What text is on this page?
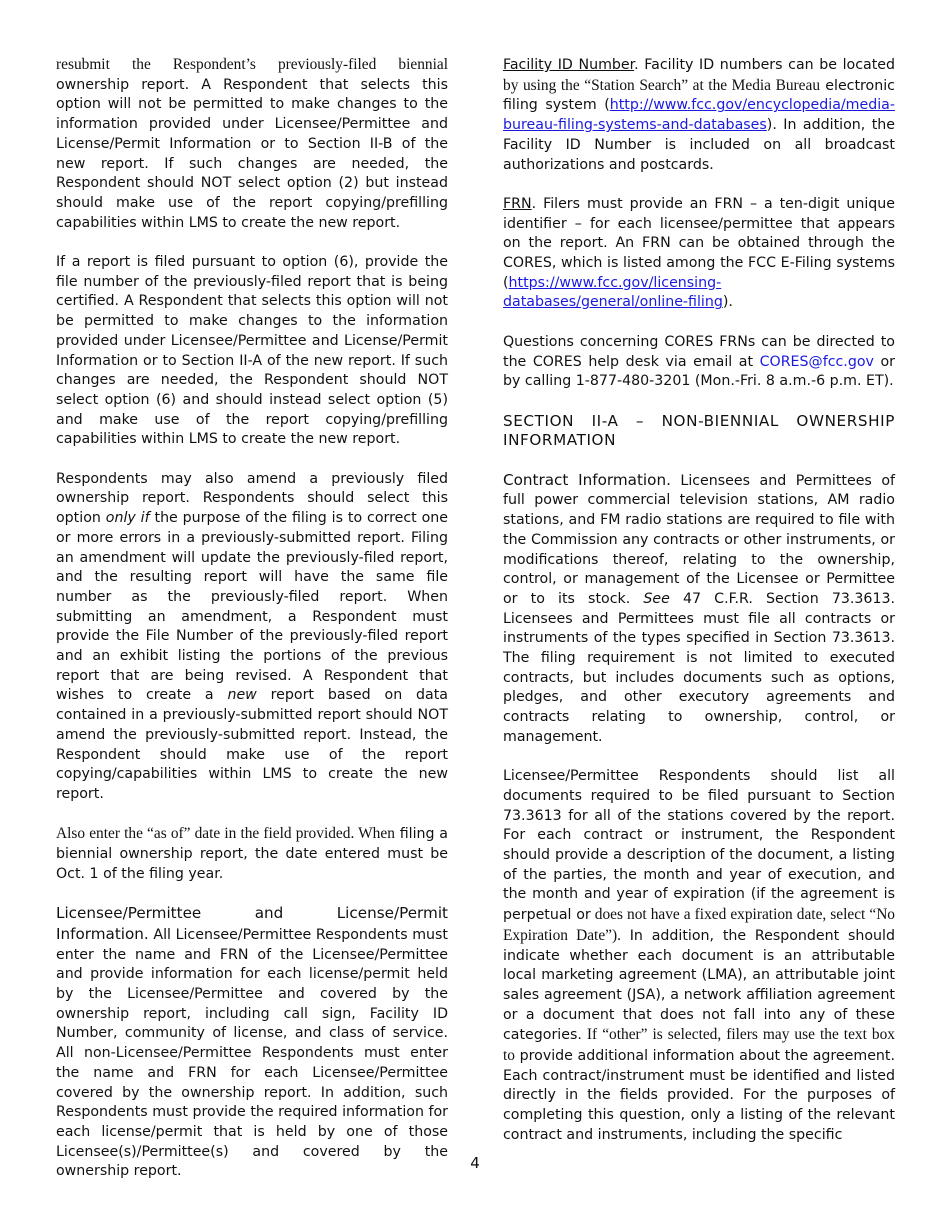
resubmit the Respondent’s previously-filed biennial ownership report. A Respondent that selects this option will not be permitted to make changes to the information provided under Licensee/Permittee and License/Permit Information or to Section II-B of the new report. If such changes are needed, the Respondent should NOT select option (2) but instead should make use of the report copying/prefilling capabilities within LMS to create the new report.

If a report is filed pursuant to option (6), provide the file number of the previously-filed report that is being certified. A Respondent that selects this option will not be permitted to make changes to the information provided under Licensee/Permittee and License/Permit Information or to Section II-A of the new report. If such changes are needed, the Respondent should NOT select option (6) and should instead select option (5) and make use of the report copying/prefilling capabilities within LMS to create the new report.

Respondents may also amend a previously filed ownership report. Respondents should select this option only if the purpose of the filing is to correct one or more errors in a previously-submitted report. Filing an amendment will update the previously-filed report, and the resulting report will have the same file number as the previously-filed report. When submitting an amendment, a Respondent must provide the File Number of the previously-filed report and an exhibit listing the portions of the previous report that are being revised. A Respondent that wishes to create a new report based on data contained in a previously-submitted report should NOT amend the previously-submitted report. Instead, the Respondent should make use of the report copying/capabilities within LMS to create the new report.

Also enter the “as of” date in the field provided. When filing a biennial ownership report, the date entered must be Oct. 1 of the filing year.

Licensee/Permittee and License/Permit Information. All Licensee/Permittee Respondents must enter the name and FRN of the Licensee/Permittee and provide information for each license/permit held by the Licensee/Permittee and covered by the ownership report, including call sign, Facility ID Number, community of license, and class of service. All non-Licensee/Permittee Respondents must enter the name and FRN for each Licensee/Permittee covered by the ownership report. In addition, such Respondents must provide the required information for each license/permit that is held by one of those Licensee(s)/Permittee(s) and covered by the ownership report.

Facility ID Number. Facility ID numbers can be located by using the “Station Search” at the Media Bureau electronic filing system (http://www.fcc.gov/encyclopedia/media-bureau-filing-systems-and-databases). In addition, the Facility ID Number is included on all broadcast authorizations and postcards.

FRN. Filers must provide an FRN – a ten-digit unique identifier – for each licensee/permittee that appears on the report. An FRN can be obtained through the CORES, which is listed among the FCC E-Filing systems (https://www.fcc.gov/licensing-databases/general/online-filing).

Questions concerning CORES FRNs can be directed to the CORES help desk via email at CORES@fcc.gov or by calling 1-877-480-3201 (Mon.-Fri. 8 a.m.-6 p.m. ET).

SECTION II-A – NON-BIENNIAL OWNERSHIP INFORMATION

Contract Information. Licensees and Permittees of full power commercial television stations, AM radio stations, and FM radio stations are required to file with the Commission any contracts or other instruments, or modifications thereof, relating to the ownership, control, or management of the Licensee or Permittee or to its stock. See 47 C.F.R. Section 73.3613. Licensees and Permittees must file all contracts or instruments of the types specified in Section 73.3613. The filing requirement is not limited to executed contracts, but includes documents such as options, pledges, and other executory agreements and contracts relating to ownership, control, or management.

Licensee/Permittee Respondents should list all documents required to be filed pursuant to Section 73.3613 for all of the stations covered by the report. For each contract or instrument, the Respondent should provide a description of the document, a listing of the parties, the month and year of execution, and the month and year of expiration (if the agreement is perpetual or does not have a fixed expiration date, select “No Expiration Date”). In addition, the Respondent should indicate whether each document is an attributable local marketing agreement (LMA), an attributable joint sales agreement (JSA), a network affiliation agreement or a document that does not fall into any of these categories. If “other” is selected, filers may use the text box to provide additional information about the agreement. Each contract/instrument must be identified and listed directly in the fields provided. For the purposes of completing this question, only a listing of the relevant contract and instruments, including the specific

4
